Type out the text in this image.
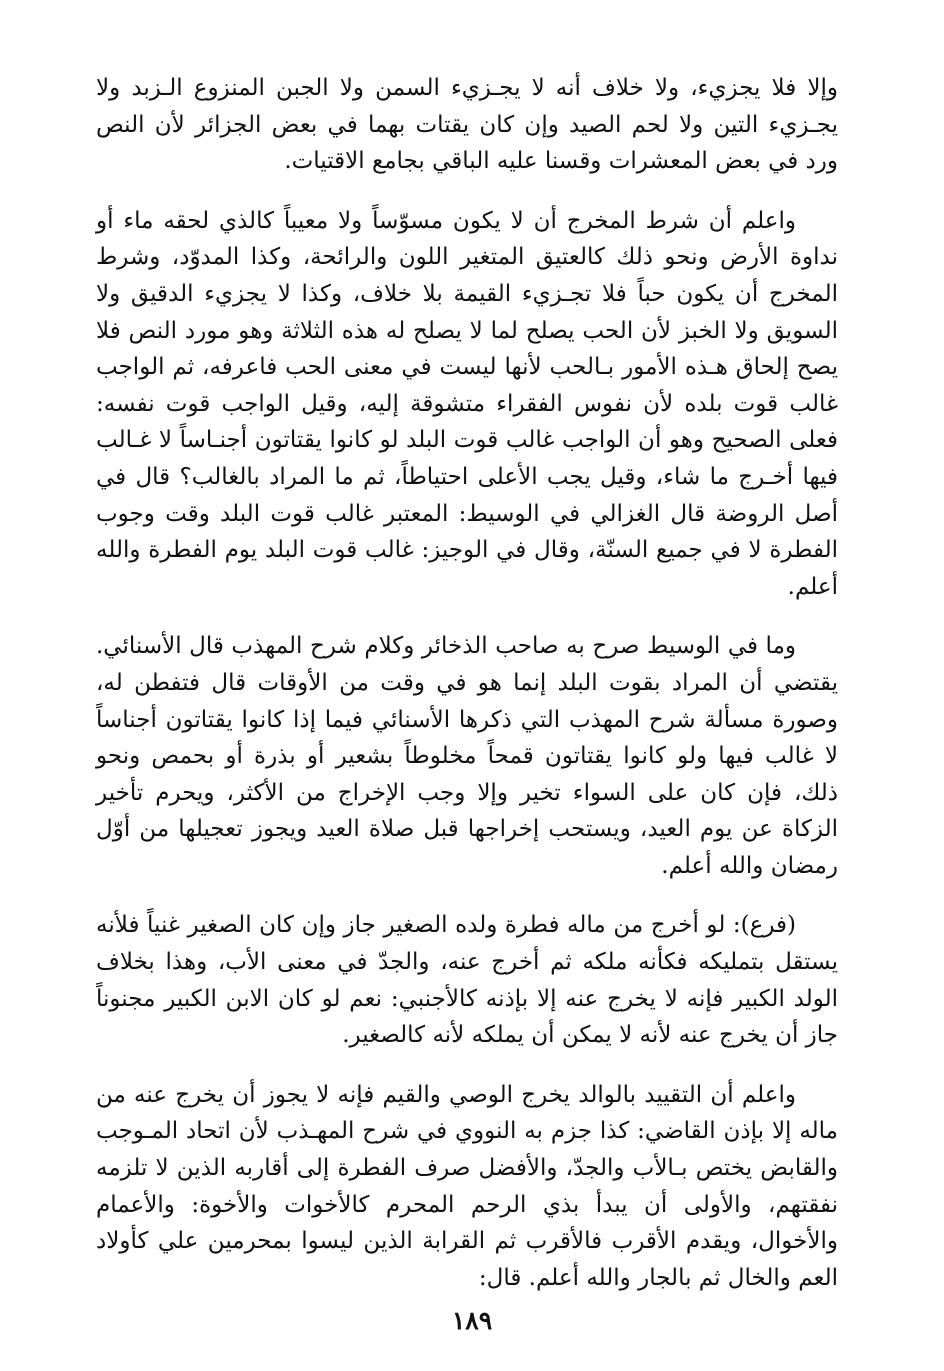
وإلا فلا يجزيء، ولا خلاف أنه لا يجـزيء السمن ولا الجبن المنزوع الـزبد ولا يجـزيء التين ولا لحم الصيد وإن كان يقتات بهما في بعض الجزائر لأن النص ورد في بعض المعشرات وقسنا عليه الباقي بجامع الاقتيات.

واعلم أن شرط المخرج أن لا يكون مسوّساً ولا معيباً كالذي لحقه ماء أو نداوة الأرض ونحو ذلك كالعتيق المتغير اللون والرائحة، وكذا المدوّد، وشرط المخرج أن يكون حباً فلا تجـزيء القيمة بلا خلاف، وكذا لا يجزيء الدقيق ولا السويق ولا الخبز لأن الحب يصلح لما لا يصلح له هذه الثلاثة وهو مورد النص فلا يصح إلحاق هـذه الأمور بـالحب لأنها ليست في معنى الحب فاعرفه، ثم الواجب غالب قوت بلده لأن نفوس الفقراء متشوقة إليه، وقيل الواجب قوت نفسه: فعلى الصحيح وهو أن الواجب غالب قوت البلد لو كانوا يقتاتون أجنـاساً لا غـالب فيها أخـرج ما شاء، وقيل يجب الأعلى احتياطاً، ثم ما المراد بالغالب؟ قال في أصل الروضة قال الغزالي في الوسيط: المعتبر غالب قوت البلد وقت وجوب الفطرة لا في جميع السنّة، وقال في الوجيز: غالب قوت البلد يوم الفطرة والله أعلم.

وما في الوسيط صرح به صاحب الذخائر وكلام شرح المهذب قال الأسنائي. يقتضي أن المراد بقوت البلد إنما هو في وقت من الأوقات قال فتفطن له، وصورة مسألة شرح المهذب التي ذكرها الأسنائي فيما إذا كانوا يقتاتون أجناساً لا غالب فيها ولو كانوا يقتاتون قمحاً مخلوطاً بشعير أو بذرة أو بحمص ونحو ذلك، فإن كان على السواء تخير وإلا وجب الإخراج من الأكثر، ويحرم تأخير الزكاة عن يوم العيد، ويستحب إخراجها قبل صلاة العيد ويجوز تعجيلها من أوّل رمضان والله أعلم.

(فرع): لو أخرج من ماله فطرة ولده الصغير جاز وإن كان الصغير غنياً فلأنه يستقل بتمليكه فكأنه ملكه ثم أخرج عنه، والجدّ في معنى الأب، وهذا بخلاف الولد الكبير فإنه لا يخرج عنه إلا بإذنه كالأجنبي: نعم لو كان الابن الكبير مجنوناً جاز أن يخرج عنه لأنه لا يمكن أن يملكه لأنه كالصغير.

واعلم أن التقييد بالوالد يخرج الوصي والقيم فإنه لا يجوز أن يخرج عنه من ماله إلا بإذن القاضي: كذا جزم به النووي في شرح المهـذب لأن اتحاد المـوجب والقابض يختص بـالأب والجدّ، والأفضل صرف الفطرة إلى أقاربه الذين لا تلزمه نفقتهم، والأولى أن يبدأ بذي الرحم المحرم كالأخوات والأخوة: والأعمام والأخوال، ويقدم الأقرب فالأقرب ثم القرابة الذين ليسوا بمحرمين علي كأولاد العم والخال ثم بالجار والله أعلم. قال:

١٨٩
